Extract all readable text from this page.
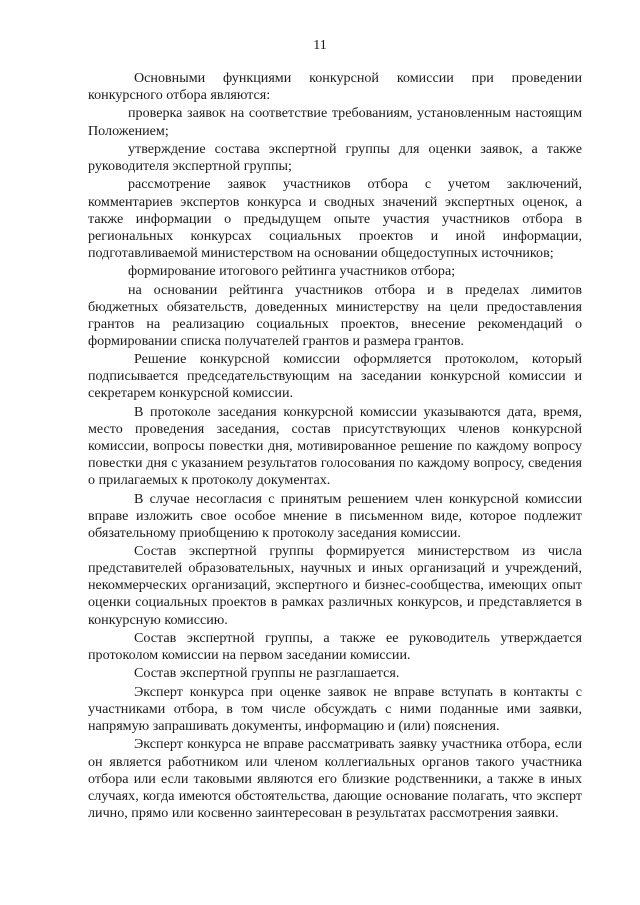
11

Основными функциями конкурсной комиссии при проведении конкурсного отбора являются:

проверка заявок на соответствие требованиям, установленным настоящим Положением;

утверждение состава экспертной группы для оценки заявок, а также руководителя экспертной группы;

рассмотрение заявок участников отбора с учетом заключений, комментариев экспертов конкурса и сводных значений экспертных оценок, а также информации о предыдущем опыте участия участников отбора в региональных конкурсах социальных проектов и иной информации, подготавливаемой министерством на основании общедоступных источников;

формирование итогового рейтинга участников отбора;

на основании рейтинга участников отбора и в пределах лимитов бюджетных обязательств, доведенных министерству на цели предоставления грантов на реализацию социальных проектов, внесение рекомендаций о формировании списка получателей грантов и размера грантов.

Решение конкурсной комиссии оформляется протоколом, который подписывается председательствующим на заседании конкурсной комиссии и секретарем конкурсной комиссии.

В протоколе заседания конкурсной комиссии указываются дата, время, место проведения заседания, состав присутствующих членов конкурсной комиссии, вопросы повестки дня, мотивированное решение по каждому вопросу повестки дня с указанием результатов голосования по каждому вопросу, сведения о прилагаемых к протоколу документах.

В случае несогласия с принятым решением член конкурсной комиссии вправе изложить свое особое мнение в письменном виде, которое подлежит обязательному приобщению к протоколу заседания комиссии.

Состав экспертной группы формируется министерством из числа представителей образовательных, научных и иных организаций и учреждений, некоммерческих организаций, экспертного и бизнес-сообщества, имеющих опыт оценки социальных проектов в рамках различных конкурсов, и представляется в конкурсную комиссию.

Состав экспертной группы, а также ее руководитель утверждается протоколом комиссии на первом заседании комиссии.

Состав экспертной группы не разглашается.

Эксперт конкурса при оценке заявок не вправе вступать в контакты с участниками отбора, в том числе обсуждать с ними поданные ими заявки, напрямую запрашивать документы, информацию и (или) пояснения.

Эксперт конкурса не вправе рассматривать заявку участника отбора, если он является работником или членом коллегиальных органов такого участника отбора или если таковыми являются его близкие родственники, а также в иных случаях, когда имеются обстоятельства, дающие основание полагать, что эксперт лично, прямо или косвенно заинтересован в результатах рассмотрения заявки.
